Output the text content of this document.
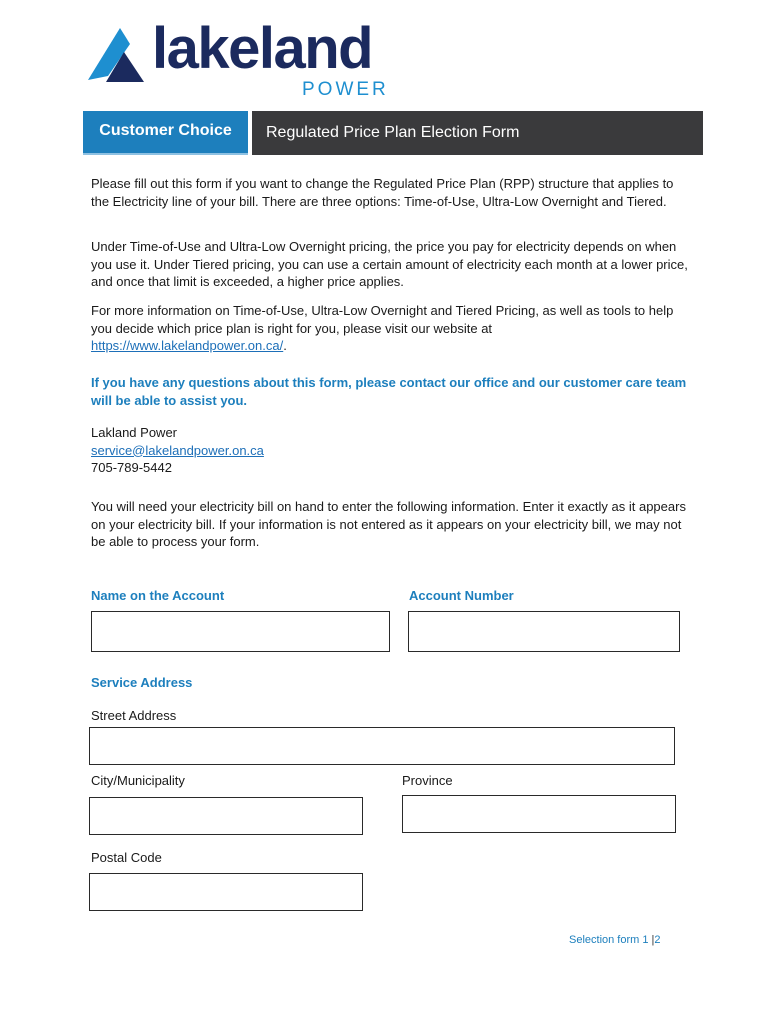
lakeland
POWER
Customer Choice	Regulated Price Plan Election Form
Please fill out this form if you want to change the Regulated Price Plan (RPP) structure that applies to the Electricity line of your bill. There are three options: Time-of-Use, Ultra-Low Overnight and Tiered.
Under Time-of-Use and Ultra-Low Overnight pricing, the price you pay for electricity depends on when you use it. Under Tiered pricing, you can use a certain amount of electricity each month at a lower price, and once that limit is exceeded, a higher price applies.
For more information on Time-of-Use, Ultra-Low Overnight and Tiered Pricing, as well as tools to help you decide which price plan is right for you, please visit our website at https://www.lakelandpower.on.ca/.
If you have any questions about this form, please contact our office and our customer care team will be able to assist you.
Lakland Power
service@lakelandpower.on.ca
705-789-5442
You will need your electricity bill on hand to enter the following information. Enter it exactly as it appears on your electricity bill. If your information is not entered as it appears on your electricity bill, we may not be able to process your form.
Name on the Account	Account Number
Service Address
Street Address
City/Municipality	Province
Postal Code
Selection form 1 |2
